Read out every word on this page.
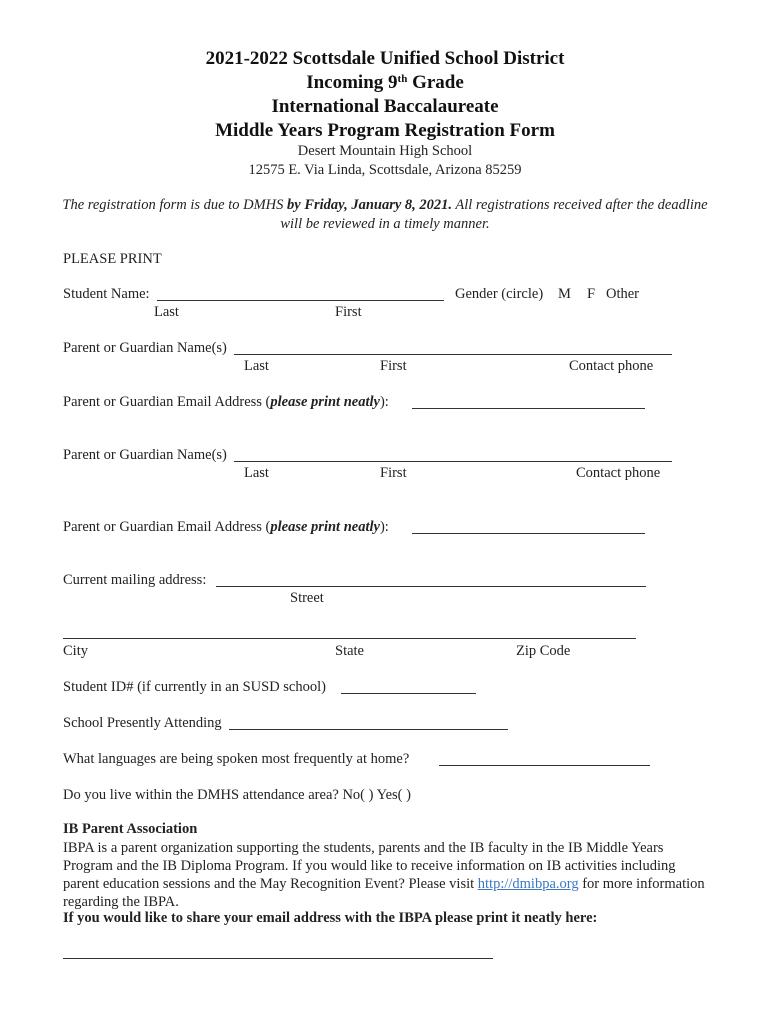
2021-2022 Scottsdale Unified School District
Incoming 9th Grade
International Baccalaureate
Middle Years Program Registration Form
Desert Mountain High School
12575 E. Via Linda, Scottsdale, Arizona 85259
The registration form is due to DMHS by Friday, January 8, 2021. All registrations received after the deadline will be reviewed in a timely manner.
PLEASE PRINT
Student Name:	Gender (circle) M F Other
Last	First
Parent or Guardian Name(s)
Last	First	Contact phone
Parent or Guardian Email Address (please print neatly):
Parent or Guardian Name(s)
Last	First	Contact phone
Parent or Guardian Email Address (please print neatly):
Current mailing address:
Street
City	State	Zip Code
Student ID# (if currently in an SUSD school)
School Presently Attending
What languages are being spoken most frequently at home?
Do you live within the DMHS attendance area? No( ) Yes( )
IB Parent Association
IBPA is a parent organization supporting the students, parents and the IB faculty in the IB Middle Years Program and the IB Diploma Program. If you would like to receive information on IB activities including parent education sessions and the May Recognition Event? Please visit http://dmibpa.org for more information regarding the IBPA.
If you would like to share your email address with the IBPA please print it neatly here:
